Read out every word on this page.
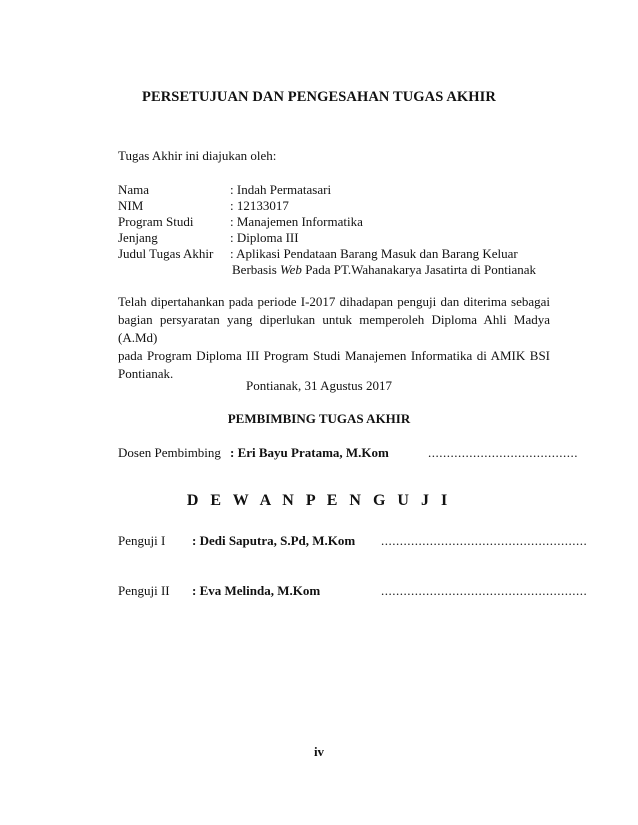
PERSETUJUAN DAN PENGESAHAN TUGAS AKHIR
Tugas Akhir ini diajukan oleh:
Nama	: Indah Permatasari
NIM	: 12133017
Program Studi	: Manajemen Informatika
Jenjang	: Diploma III
Judul Tugas Akhir : Aplikasi Pendataan Barang Masuk dan Barang Keluar
Berbasis Web Pada PT.Wahanakarya Jasatirta di Pontianak
Telah dipertahankan pada periode I-2017 dihadapan penguji dan diterima sebagai
bagian persyaratan yang diperlukan untuk memperoleh Diploma Ahli Madya (A.Md)
pada Program Diploma III Program Studi Manajemen Informatika di AMIK BSI
Pontianak.
Pontianak, 31 Agustus 2017
PEMBIMBING TUGAS AKHIR
Dosen Pembimbing : Eri Bayu Pratama, M.Kom	........................................
D E W A N P E N G U J I
Penguji I : Dedi Saputra, S.Pd, M.Kom .......................................................
Penguji II : Eva Melinda, M.Kom	.......................................................
iv
